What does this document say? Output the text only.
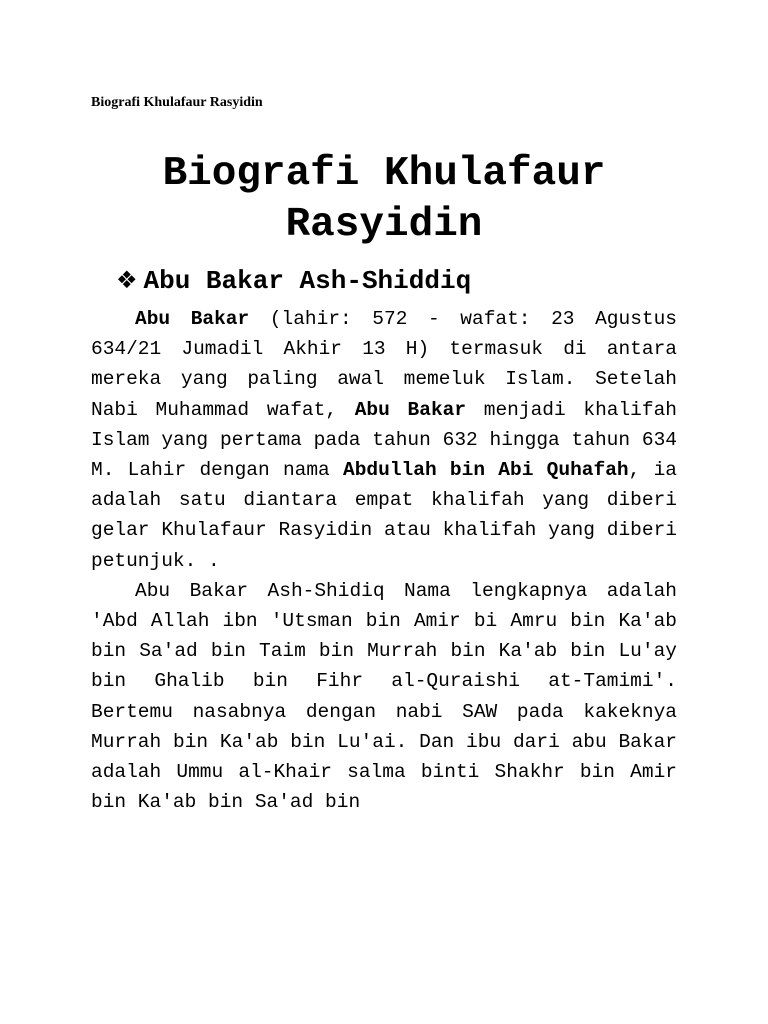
Biografi Khulafaur Rasyidin
Biografi Khulafaur Rasyidin
❖ Abu Bakar Ash-Shiddiq

Abu Bakar (lahir: 572 - wafat: 23 Agustus 634/21 Jumadil Akhir 13 H) termasuk di antara mereka yang paling awal memeluk Islam. Setelah Nabi Muhammad wafat, Abu Bakar menjadi khalifah Islam yang pertama pada tahun 632 hingga tahun 634 M. Lahir dengan nama Abdullah bin Abi Quhafah, ia adalah satu diantara empat khalifah yang diberi gelar Khulafaur Rasyidin atau khalifah yang diberi petunjuk. .

Abu Bakar Ash-Shidiq Nama lengkapnya adalah 'Abd Allah ibn 'Utsman bin Amir bi Amru bin Ka'ab bin Sa'ad bin Taim bin Murrah bin Ka'ab bin Lu'ay bin Ghalib bin Fihr al-Quraishi at-Tamimi'. Bertemu nasabnya dengan nabi SAW pada kakeknya Murrah bin Ka'ab bin Lu'ai. Dan ibu dari abu Bakar adalah Ummu al-Khair salma binti Shakhr bin Amir bin Ka'ab bin Sa'ad bin
